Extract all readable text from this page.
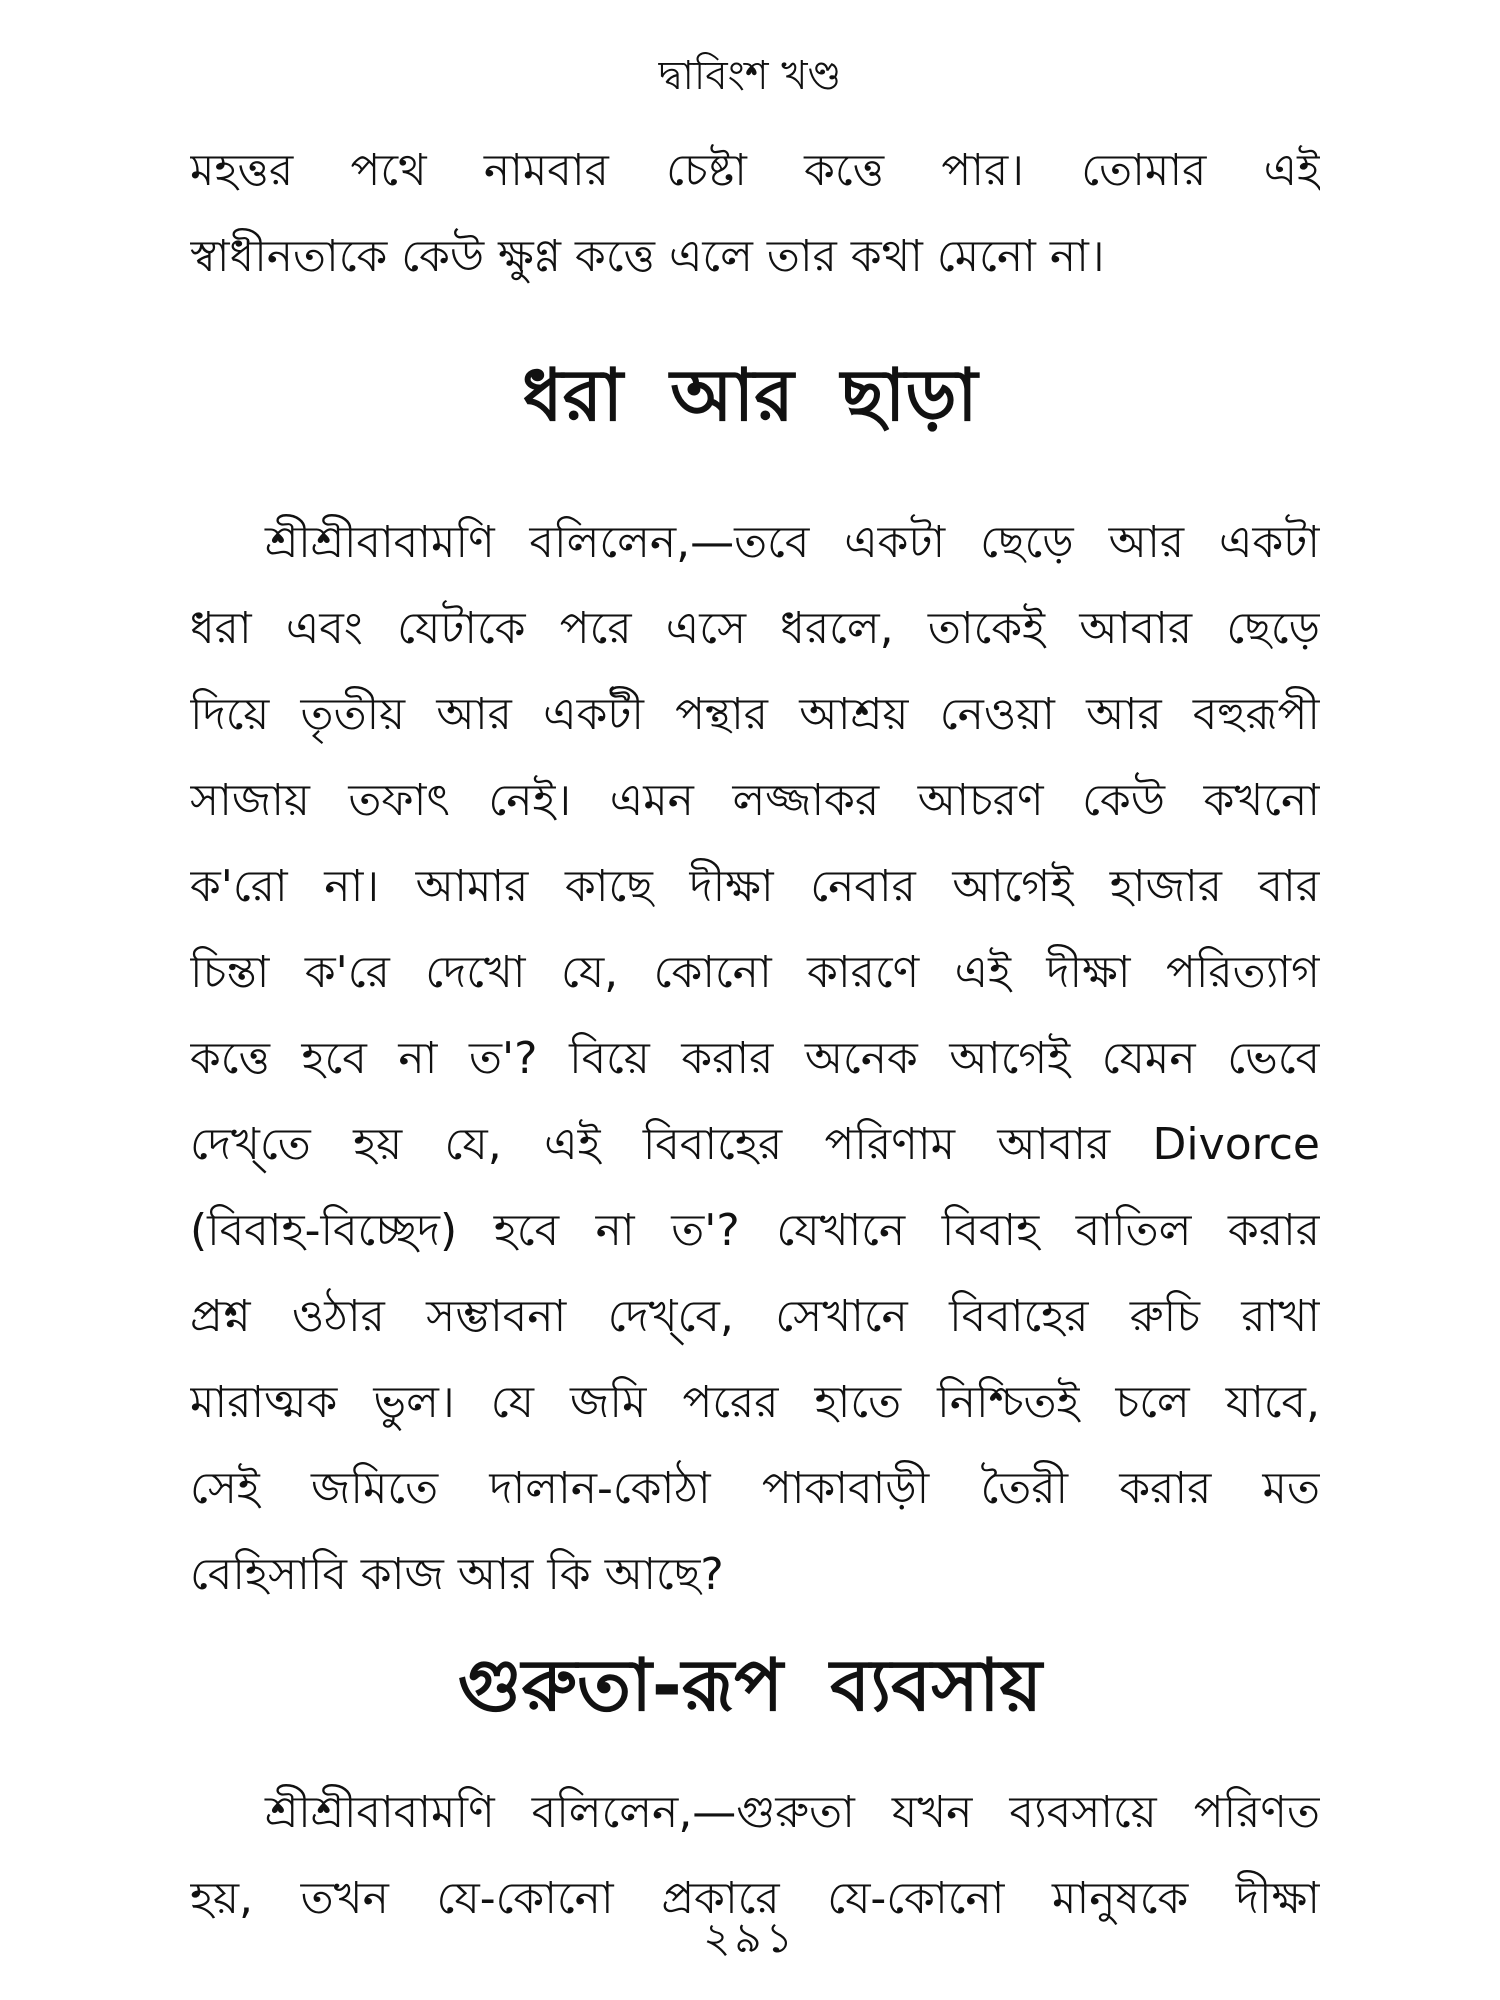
দ্বাবিংশ খণ্ড
মহত্তর পথে নামবার চেষ্টা কত্তে পার। তোমার এই
স্বাধীনতাকে কেউ ক্ষুণ্ণ কত্তে এলে তার কথা মেনো না।
ধরা আর ছাড়া
শ্রীশ্রীবাবামণি বলিলেন,—তবে একটা ছেড়ে আর একটা
ধরা এবং যেটাকে পরে এসে ধরলে, তাকেই আবার ছেড়ে
দিয়ে তৃতীয় আর একটী পন্থার আশ্রয় নেওয়া আর বহুরূপী
সাজায় তফাৎ নেই। এমন লজ্জাকর আচরণ কেউ কখনো
ক'রো না। আমার কাছে দীক্ষা নেবার আগেই হাজার বার
চিন্তা ক'রে দেখো যে, কোনো কারণে এই দীক্ষা পরিত্যাগ
কত্তে হবে না ত'? বিয়ে করার অনেক আগেই যেমন ভেবে
দেখ্‌তে হয় যে, এই বিবাহের পরিণাম আবার Divorce
(বিবাহ-বিচ্ছেদ) হবে না ত'? যেখানে বিবাহ বাতিল করার
প্রশ্ন ওঠার সম্ভাবনা দেখ্‌বে, সেখানে বিবাহের রুচি রাখা
মারাত্মক ভুল। যে জমি পরের হাতে নিশ্চিতই চলে যাবে,
সেই জমিতে দালান-কোঠা পাকাবাড়ী তৈরী করার মত
বেহিসাবি কাজ আর কি আছে?
গুরুতা-রূপ ব্যবসায়
শ্রীশ্রীবাবামণি বলিলেন,—গুরুতা যখন ব্যবসায়ে পরিণত
হয়, তখন যে-কোনো প্রকারে যে-কোনো মানুষকে দীক্ষা
২৯১
